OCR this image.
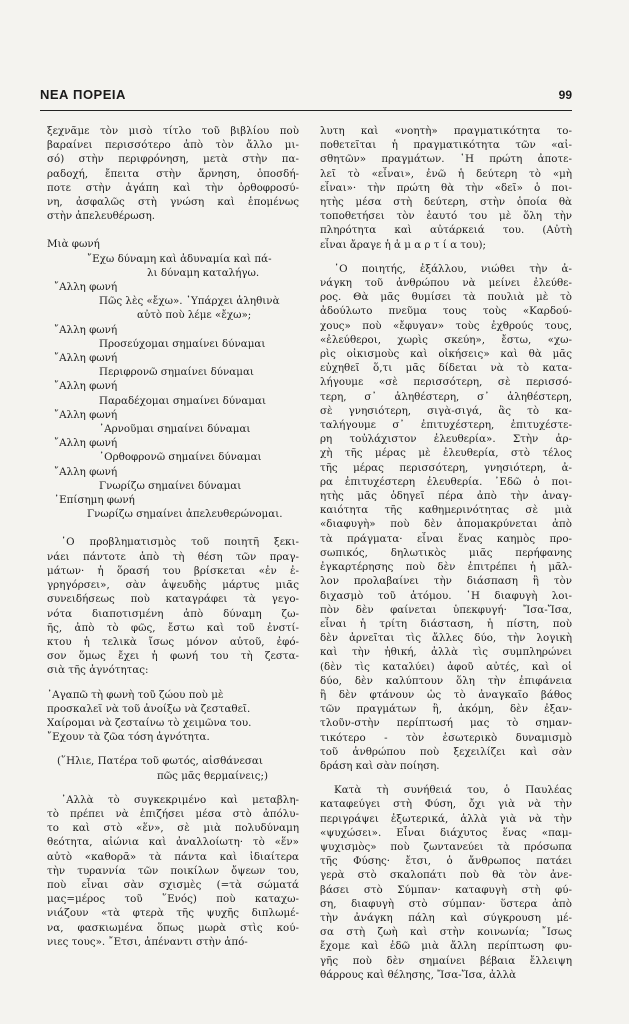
ΝΕΑ ΠΟΡΕΙΑ	99

ξεχνᾶμε τὸν μισὸ τίτλο τοῦ βιβλίου ποὺ

βαραίνει περισσότερο ἀπὸ τὸν ἄλλο μι-

σό) στὴν περιφρόνηση, μετὰ στὴν πα-

ραδοχή, ἔπειτα στὴν ἄρνηση, ὁποσδή-

ποτε στὴν ἀγάπη καὶ τὴν ὀρθοφροσύ-

νη, ἀσφαλῶς στὴ γνώση καὶ ἑπομένως

στὴν ἀπελευθέρωση.

Μιὰ φωνή

῎Εχω δύναμη καὶ ἀδυναμία καὶ πά-

λι δύναμη καταλήγω.

῎Αλλη φωνή

Πῶς λὲς «ἔχω». ῾Υπάρχει ἀληθινὰ

αὐτὸ ποὺ λέμε «ἔχω»;

῎Αλλη φωνή

Προσεύχομαι σημαίνει δύναμαι

῎Αλλη φωνή

Περιφρονῶ σημαίνει δύναμαι

῎Αλλη φωνή

Παραδέχομαι σημαίνει δύναμαι

῎Αλλη φωνή

᾿Αρνοῦμαι σημαίνει δύναμαι

῎Αλλη φωνή

᾿Ορθοφρονῶ σημαίνει δύναμαι

῎Αλλη φωνή

Γνωρίζω σημαίνει δύναμαι

᾿Επίσημη φωνή

Γνωρίζω σημαίνει ἀπελευθερώνομαι.

῾Ο προβληματισμὸς τοῦ ποιητῆ ξεκι-

νάει πάντοτε ἀπὸ τὴ θέση τῶν πραγ-

μάτων· ἡ ὅρασή του βρίσκεται «ἐν ἐ-

γρηγόρσει», σὰν ἀψευδὴς μάρτυς μιᾶς

συνειδήσεως ποὺ καταγράφει τὰ γεγο-

νότα διαποτισμένη ἀπὸ δύναμη ζω-

ῆς, ἀπὸ τὸ φῶς, ἔστω καὶ τοῦ ἐνστί-

κτου ἡ τελικὰ ἴσως μόνον αὐτοῦ, ἐφό-

σον ὅμως ἔχει ἡ φωνή του τὴ ζεστα-

σιὰ τῆς ἀγνότητας:

᾿Αγαπῶ τὴ φωνὴ τοῦ ζώου ποὺ μὲ

προσκαλεῖ νὰ τοῦ ἀνοίξω νὰ ζεσταθεῖ.

Χαίρομαι νὰ ζεσταίνω τὸ χειμῶνα του.

῎Εχουν τὰ ζῶα τόση ἀγνότητα.

(῞Ηλιε, Πατέρα τοῦ φωτός, αἰσθάνεσαι

πῶς μᾶς θερμαίνεις;)

᾿Αλλὰ τὸ συγκεκριμένο καὶ μεταβλη-

τὸ πρέπει νὰ ἐπιζήσει μέσα στὸ ἀπόλυ-

το καὶ στὸ «ἕν», σὲ μιὰ πολυδύναμη

θεότητα, αἰώνια καὶ ἀναλλοίωτη· τὸ «ἕν»

αὐτὸ «καθορᾶ» τὰ πάντα καὶ ἰδιαίτερα

τὴν τυραννία τῶν ποικίλων ὄψεων του,

ποὺ εἶναι σὰν σχισμὲς (=τὰ σώματά

μας=μέρος τοῦ ῞Ενός) ποὺ καταχω-

νιάζουν «τὰ φτερὰ τῆς ψυχῆς διπλωμέ-

να, φασκιωμένα ὅπως μωρὰ στὶς κού-

νιες τους». ῎Ετσι, ἀπέναντι στὴν ἀπό-

λυτη καὶ «νοητὴ» πραγματικότητα το-

ποθετεῖται ἡ πραγματικότητα τῶν «αἰ-

σθητῶν» πραγμάτων. ῾Η πρώτη ἀποτε-

λεῖ τὸ «εἶναι», ἐνῶ ἡ δεύτερη τὸ «μὴ

εἶναι»· τὴν πρώτη θὰ τὴν «δεῖ» ὁ ποι-

ητὴς μέσα στὴ δεύτερη, στὴν ὁποία θὰ

τοποθετήσει τὸν ἑαυτό του μὲ ὅλη τὴν

πληρότητα καὶ αὐτάρκειά του. (Αὐτὴ

εἶναι ἄραγε ἡ ἁ μ α ρ τ ί α του);

῾Ο ποιητής, ἐξάλλου, νιώθει τὴν ἀ-

νάγκη τοῦ ἀνθρώπου νὰ μείνει ἐλεύθε-

ρος. Θὰ μᾶς θυμίσει τὰ πουλιὰ μὲ τὸ

ἀδούλωτο πνεῦμα τους τοὺς «Καρδού-

χους» ποὺ «ἔφυγαν» τοὺς ἐχθρούς τους,

«ἐλεύθεροι, χωρὶς σκεύη», ἔστω, «χω-

ρὶς οἰκισμοὺς καὶ οἰκήσεις» καὶ θὰ μᾶς

εὐχηθεῖ ὅ,τι μᾶς δίδεται νὰ τὸ κατα-

λήγουμε «σὲ περισσότερη, σὲ περισσό-

τερη, σ᾿ ἀληθέστερη, σ᾿ ἀληθέστερη,

σὲ γνησιότερη, σιγὰ-σιγά, ἂς τὸ κα-

ταλήγουμε σ᾿ ἐπιτυχέστερη, ἐπιτυχέστε-

ρη τοὐλάχιστον ἐλευθερία». Στὴν ἀρ-

χὴ τῆς μέρας μὲ ἐλευθερία, στὸ τέλος

τῆς μέρας περισσότερη, γνησιότερη, ἀ-

ρα ἐπιτυχέστερη ἐλευθερία. ᾿Εδῶ ὁ ποι-

ητὴς μᾶς ὁδηγεῖ πέρα ἀπὸ τὴν ἀναγ-

καιότητα τῆς καθημερινότητας σὲ μιὰ

«διαφυγὴ» ποὺ δὲν ἀπομακρύνεται ἀπὸ

τὰ πράγματα· εἶναι ἕνας καημὸς προ-

σωπικός, δηλωτικὸς μιᾶς περήφανης

ἐγκαρτέρησης ποὺ δὲν ἐπιτρέπει ἡ μᾶλ-

λον προλαβαίνει τὴν διάσπαση ἢ τὸν

διχασμὸ τοῦ ἀτόμου. ῾Η διαφυγὴ λοι-

πὸν δὲν φαίνεται ὑπεκφυγή· Ἴσα-Ἴσα,

εἶναι ἡ τρίτη διάσταση, ἡ πίστη, ποὺ

δὲν ἀρνεῖται τὶς ἄλλες δύο, τὴν λογικὴ

καὶ τὴν ἠθική, ἀλλὰ τὶς συμπληρώνει

(δὲν τὶς καταλύει) ἀφοῦ αὐτές, καὶ οἱ

δύο, δὲν καλύπτουν ὅλη τὴν ἐπιφάνεια

ἢ δὲν φτάνουν ὡς τὸ ἀναγκαῖο βάθος

τῶν πραγμάτων ἢ, ἀκόμη, δὲν ἐξαν-

τλοῦν-στὴν περίπτωσή μας τὸ σημαν-

τικότερο - τὸν ἐσωτερικὸ δυναμισμὸ

τοῦ ἀνθρώπου ποὺ ξεχειλίζει καὶ σὰν

δράση καὶ σὰν ποίηση.

Κατὰ τὴ συνήθειά του, ὁ Παυλέας

καταφεύγει στὴ Φύση, ὄχι γιὰ νὰ τὴν

περιγράψει ἐξωτερικά, ἀλλὰ γιὰ νὰ τὴν

«ψυχώσει». Εἶναι διάχυτος ἕνας «παμ-

ψυχισμὸς» ποὺ ζωντανεύει τὰ πρόσωπα

τῆς Φύσης· ἔτσι, ὁ ἄνθρωπος πατάει

γερὰ στὸ σκαλοπάτι ποὺ θὰ τὸν ἀνε-

βάσει στὸ Σύμπαν· καταφυγὴ στὴ φύ-

ση, διαφυγὴ στὸ σύμπαν· ὕστερα ἀπὸ

τὴν ἀνάγκη πάλη καὶ σύγκρουση μέ-

σα στὴ ζωὴ καὶ στὴν κοινωνία; ῎Ισως

ἔχομε καὶ ἐδῶ μιὰ ἄλλη περίπτωση φυ-

γῆς ποὺ δὲν σημαίνει βέβαια ἔλλειψη

θάρρους καὶ θέλησης, Ἴσα-Ἴσα, ἀλλὰ
